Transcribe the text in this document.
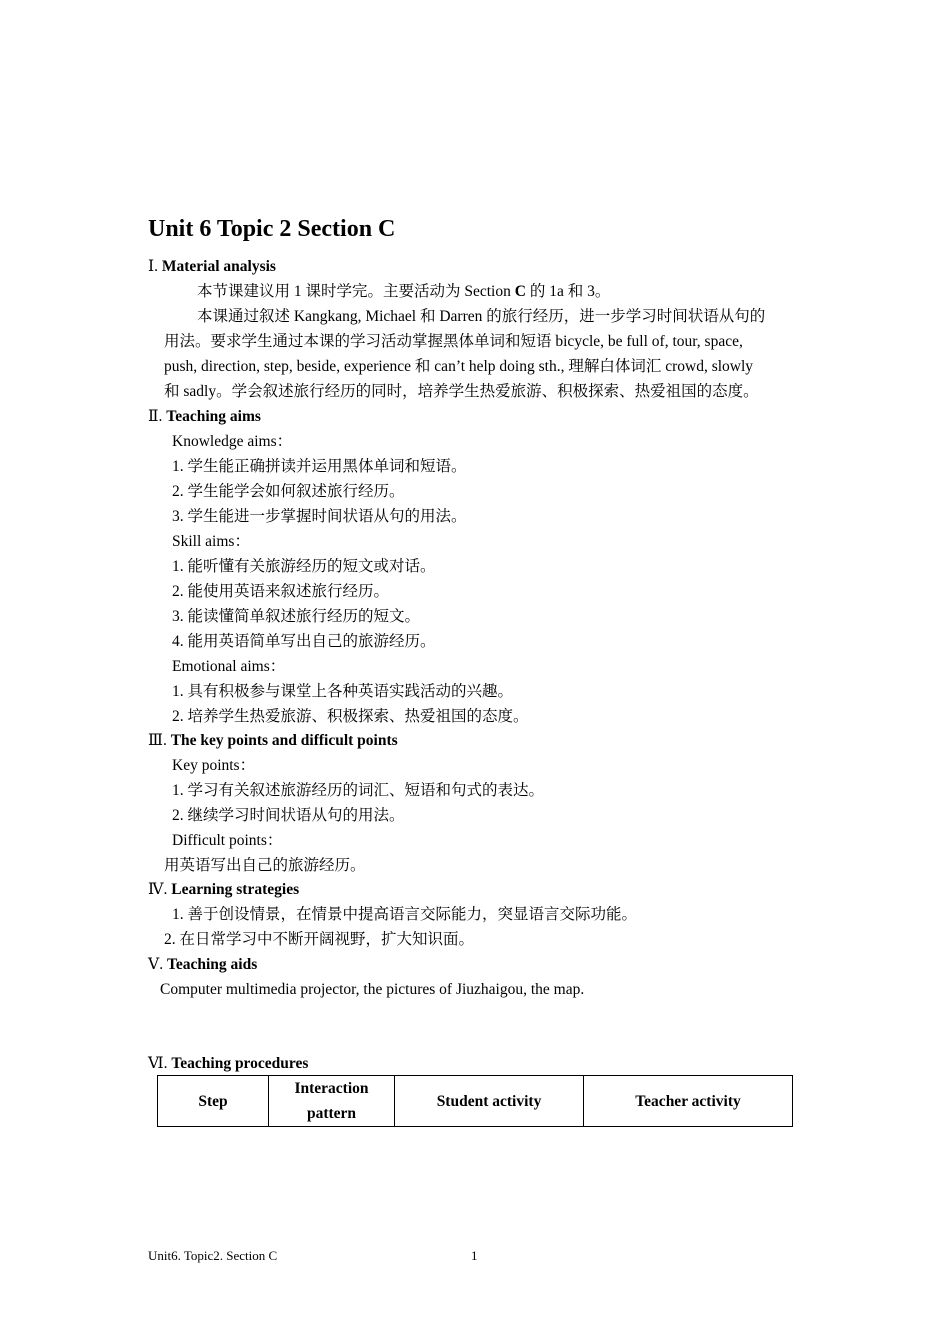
Unit 6 Topic 2 Section C
Ⅰ. Material analysis
本节课建议用 1 课时学完。主要活动为 Section C 的 1a 和 3。
本课通过叙述 Kangkang, Michael 和 Darren 的旅行经历，进一步学习时间状语从句的
用法。要求学生通过本课的学习活动掌握黑体单词和短语 bicycle, be full of, tour, space,
push, direction, step, beside, experience 和 can’t help doing sth., 理解白体词汇 crowd, slowly
和 sadly。学会叙述旅行经历的同时，培养学生热爱旅游、积极探索、热爱祖国的态度。
Ⅱ. Teaching aims
Knowledge aims：
1. 学生能正确拼读并运用黑体单词和短语。
2. 学生能学会如何叙述旅行经历。
3. 学生能进一步掌握时间状语从句的用法。
Skill aims：
1. 能听懂有关旅游经历的短文或对话。
2. 能使用英语来叙述旅行经历。
3. 能读懂简单叙述旅行经历的短文。
4. 能用英语简单写出自己的旅游经历。
Emotional aims：
1. 具有积极参与课堂上各种英语实践活动的兴趣。
2. 培养学生热爱旅游、积极探索、热爱祖国的态度。
Ⅲ. The key points and difficult points
Key points：
1. 学习有关叙述旅游经历的词汇、短语和句式的表达。
2. 继续学习时间状语从句的用法。
Difficult points：
用英语写出自己的旅游经历。
Ⅳ. Learning strategies
1. 善于创设情景，在情景中提高语言交际能力，突显语言交际功能。
2. 在日常学习中不断开阔视野，扩大知识面。
Ⅴ. Teaching aids
Computer multimedia projector, the pictures of Jiuzhaigou, the map.
Ⅵ. Teaching procedures
Step	Interaction pattern	Student activity	Teacher activity
Unit6. Topic2. Section C	1
